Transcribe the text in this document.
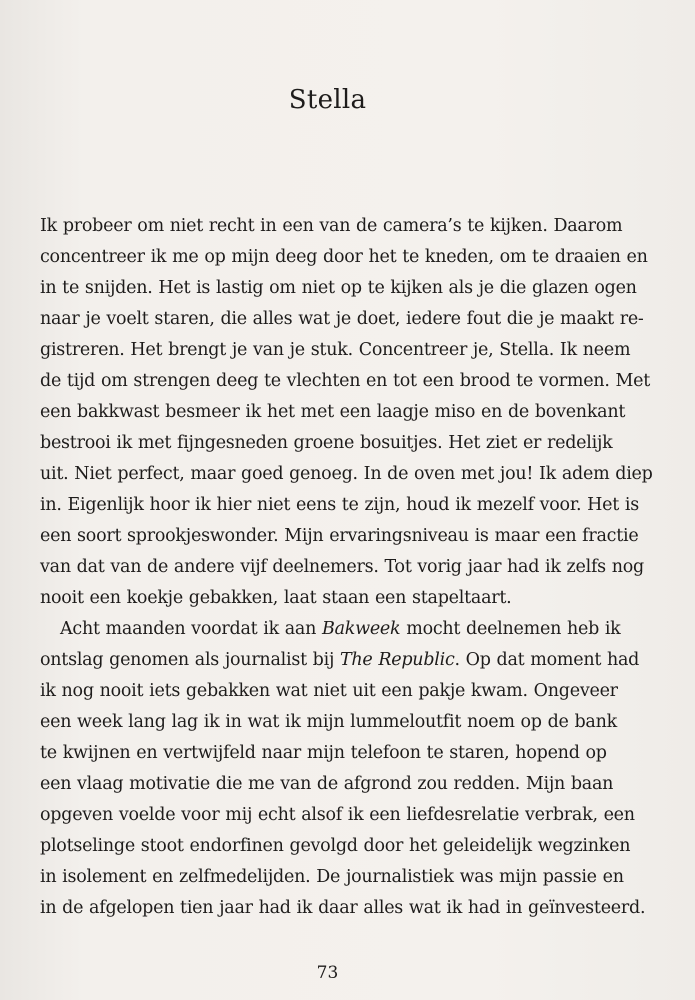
Stella
Ik probeer om niet recht in een van de camera’s te kijken. Daarom
concentreer ik me op mijn deeg door het te kneden, om te draaien en
in te snijden. Het is lastig om niet op te kijken als je die glazen ogen
naar je voelt staren, die alles wat je doet, iedere fout die je maakt re-
gistreren. Het brengt je van je stuk. Concentreer je, Stella. Ik neem
de tijd om strengen deeg te vlechten en tot een brood te vormen. Met
een bakkwast besmeer ik het met een laagje miso en de bovenkant
bestrooi ik met fijngesneden groene bosuitjes. Het ziet er redelijk
uit. Niet perfect, maar goed genoeg. In de oven met jou! Ik adem diep
in. Eigenlijk hoor ik hier niet eens te zijn, houd ik mezelf voor. Het is
een soort sprookjeswonder. Mijn ervaringsniveau is maar een fractie
van dat van de andere vijf deelnemers. Tot vorig jaar had ik zelfs nog
nooit een koekje gebakken, laat staan een stapeltaart.
Acht maanden voordat ik aan Bakweek mocht deelnemen heb ik
ontslag genomen als journalist bij The Republic. Op dat moment had
ik nog nooit iets gebakken wat niet uit een pakje kwam. Ongeveer
een week lang lag ik in wat ik mijn lummeloutfit noem op de bank
te kwijnen en vertwijfeld naar mijn telefoon te staren, hopend op
een vlaag motivatie die me van de afgrond zou redden. Mijn baan
opgeven voelde voor mij echt alsof ik een liefdesrelatie verbrak, een
plotselinge stoot endorfinen gevolgd door het geleidelijk wegzinken
in isolement en zelfmedelijden. De journalistiek was mijn passie en
in de afgelopen tien jaar had ik daar alles wat ik had in geïnvesteerd.
73
